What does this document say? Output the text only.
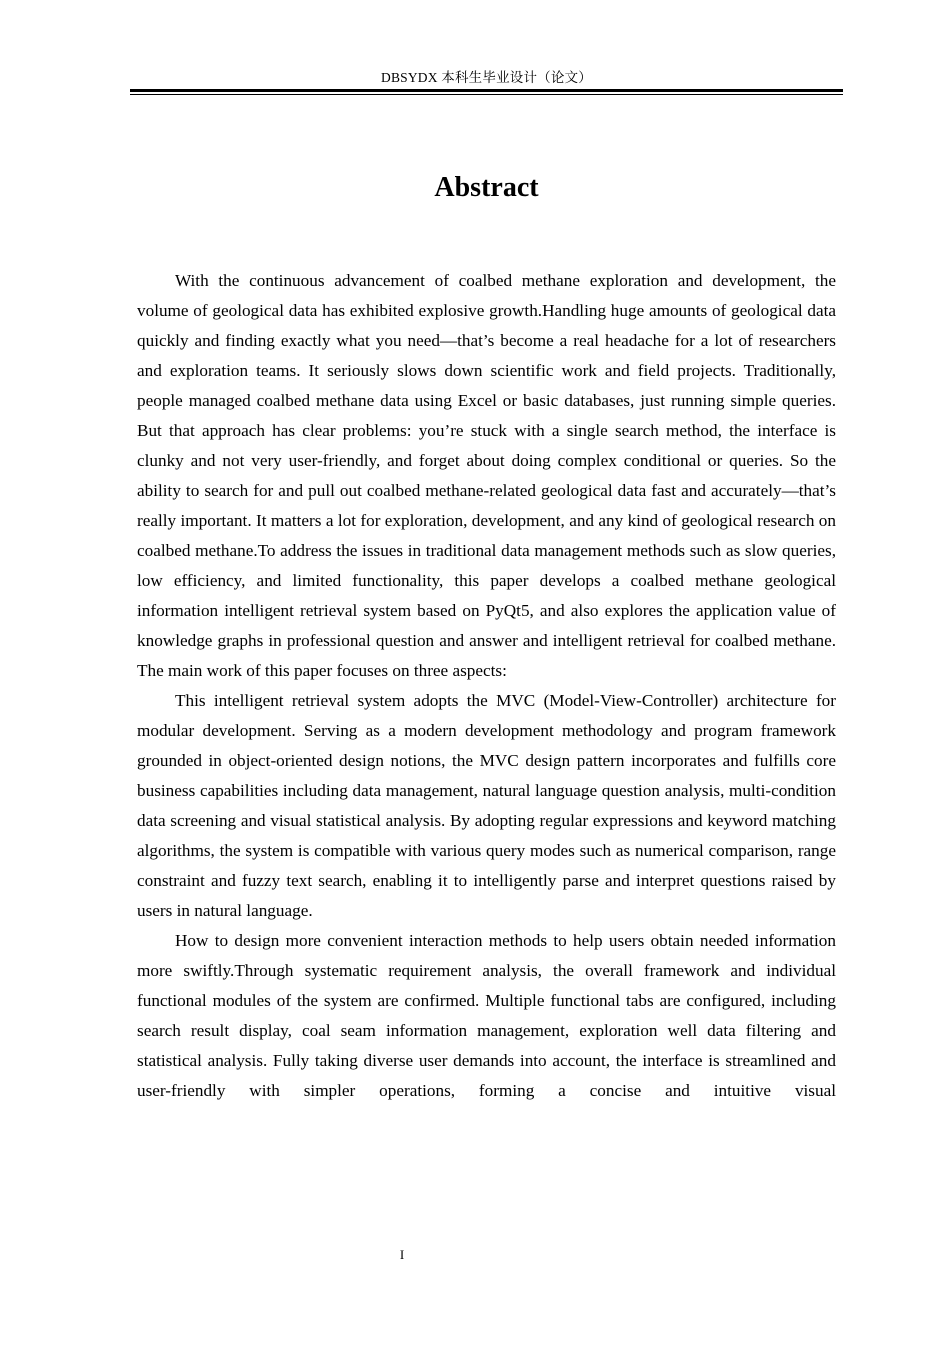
DBSYDX 本科生毕业设计（论文）
Abstract

With the continuous advancement of coalbed methane exploration and development, the volume of geological data has exhibited explosive growth.Handling huge amounts of geological data quickly and finding exactly what you need—that’s become a real headache for a lot of researchers and exploration teams. It seriously slows down scientific work and field projects. Traditionally, people managed coalbed methane data using Excel or basic databases, just running simple queries. But that approach has clear problems: you’re stuck with a single search method, the interface is clunky and not very user-friendly, and forget about doing complex conditional or queries. So the ability to search for and pull out coalbed methane-related geological data fast and accurately—that’s really important. It matters a lot for exploration, development, and any kind of geological research on coalbed methane.To address the issues in traditional data management methods such as slow queries, low efficiency, and limited functionality, this paper develops a coalbed methane geological information intelligent retrieval system based on PyQt5, and also explores the application value of knowledge graphs in professional question and answer and intelligent retrieval for coalbed methane. The main work of this paper focuses on three aspects:

This intelligent retrieval system adopts the MVC (Model-View-Controller) architecture for modular development. Serving as a modern development methodology and program framework grounded in object-oriented design notions, the MVC design pattern incorporates and fulfills core business capabilities including data management, natural language question analysis, multi-condition data screening and visual statistical analysis. By adopting regular expressions and keyword matching algorithms, the system is compatible with various query modes such as numerical comparison, range constraint and fuzzy text search, enabling it to intelligently parse and interpret questions raised by users in natural language.

How to design more convenient interaction methods to help users obtain needed information more swiftly.Through systematic requirement analysis, the overall framework and individual functional modules of the system are confirmed. Multiple functional tabs are configured, including search result display, coal seam information management, exploration well data filtering and statistical analysis. Fully taking diverse user demands into account, the interface is streamlined and user-friendly with simpler operations, forming a concise and intuitive visual

I
